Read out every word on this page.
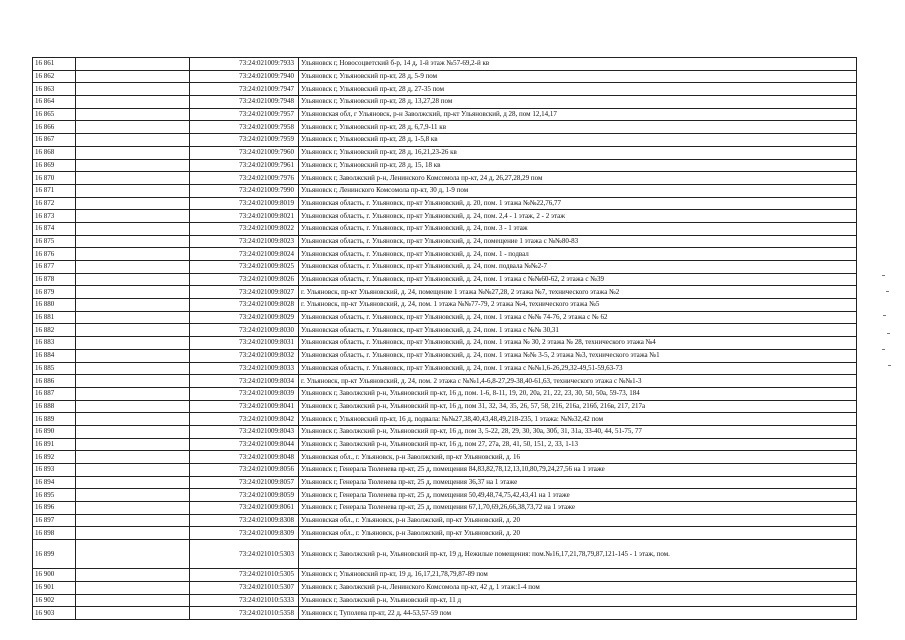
16 861		73:24:021009:7933	Ульяновск г, Новосоцветский б-р, 14 д, 1-й этаж №57-69,2-й кв
16 862		73:24:021009:7940	Ульяновск г, Ульяновский пр-кт, 28 д, 5-9 пом
16 863		73:24:021009:7947	Ульяновск г, Ульяновский пр-кт, 28 д, 27-35 пом
16 864		73:24:021009:7948	Ульяновск г, Ульяновский пр-кт, 28 д, 13,27,28 пом
16 865		73:24:021009:7957	Ульяновская обл, г Ульяновск, р-н Заволжский, пр-кт Ульяновский, д 28, пом 12,14,17
16 866		73:24:021009:7958	Ульяновск г, Ульяновский пр-кт, 28 д, 6,7,9-11 кв
16 867		73:24:021009:7959	Ульяновск г, Ульяновский пр-кт, 28 д, 1-5,8 кв
16 868		73:24:021009:7960	Ульяновск г, Ульяновский пр-кт, 28 д, 16,21,23-26 кв
16 869		73:24:021009:7961	Ульяновск г, Ульяновский пр-кт, 28 д, 15, 18 кв
16 870		73:24:021009:7976	Ульяновск г, Заволжский р-н, Ленинского Комсомола пр-кт, 24 д, 26,27,28,29 пом
16 871		73:24:021009:7990	Ульяновск г, Ленинского Комсомола пр-кт, 30 д, 1-9 пом
16 872		73:24:021009:8019	Ульяновская область, г. Ульяновск, пр-кт Ульяновский, д. 20, пом. 1 этажа №№22,76,77
16 873		73:24:021009:8021	Ульяновская область, г. Ульяновск, пр-кт Ульяновский, д. 24, пом. 2,4 - 1 этаж, 2 - 2 этаж
16 874		73:24:021009:8022	Ульяновская область, г. Ульяновск, пр-кт Ульяновский, д. 24, пом. 3 - 1 этаж
16 875		73:24:021009:8023	Ульяновская область, г. Ульяновск, пр-кт Ульяновский, д. 24, помещение 1 этажа с №№80-83
16 876		73:24:021009:8024	Ульяновская область, г. Ульяновск, пр-кт Ульяновский, д. 24, пом. 1 - подвал
16 877		73:24:021009:8025	Ульяновская область, г. Ульяновск, пр-кт Ульяновский, д. 24, пом. подвала №№2-7
16 878		73:24:021009:8026	Ульяновская область, г. Ульяновск, пр-кт Ульяновский, д. 24, пом. 1 этажа с №№60-62, 2 этажа с №39
16 879		73:24:021009:8027	г. Ульяновск, пр-кт Ульяновский, д. 24, помещение 1 этажа №№27,28, 2 этажа №7, технического этажа №2
16 880		73:24:021009:8028	г. Ульяновск, пр-кт Ульяновский, д. 24, пом. 1 этажа №№77-79, 2 этажа №4, технического этажа №5
16 881		73:24:021009:8029	Ульяновская область, г. Ульяновск, пр-кт Ульяновский, д. 24, пом. 1 этажа с №№ 74-76, 2 этажа с № 62
16 882		73:24:021009:8030	Ульяновская область, г. Ульяновск, пр-кт Ульяновский, д. 24, пом. 1 этажа с №№ 30,31
16 883		73:24:021009:8031	Ульяновская область, г. Ульяновск, пр-кт Ульяновский, д. 24, пом. 1 этажа № 30, 2 этажа № 28, технического этажа №4
16 884		73:24:021009:8032	Ульяновская область, г. Ульяновск, пр-кт Ульяновский, д. 24, пом. 1 этажа №№ 3-5, 2 этажа №3, технического этажа №1
16 885		73:24:021009:8033	Ульяновская область, г. Ульяновск, пр-кт Ульяновский, д. 24, пом. 1 этажа с №№1,6-26,29,32-49,51-59,63-73
16 886		73:24:021009:8034	г. Ульяновск, пр-кт Ульяновский, д. 24, пом. 2 этажа с №№1,4-6,8-27,29-38,40-61,63, технического этажа с №№1-3
16 887		73:24:021009:8039	Ульяновск г, Заволжский р-н, Ульяновский пр-кт, 16 д, пом. 1-6, 8-11, 19, 20, 20а, 21, 22, 23, 30, 50, 50а, 59-73, 184
16 888		73:24:021009:8041	Ульяновск г, Заволжский р-н, Ульяновский пр-кт, 16 д, пом 31, 32, 34, 35, 26, 57, 58, 216, 216а, 216б, 216в, 217, 217а
16 889		73:24:021009:8042	Ульяновск г, Ульяновский пр-кт, 16 д, подвала: №№27,38,40,43,48,49,218-235, 1 этажа: №№32,42 пом
16 890		73:24:021009:8043	Ульяновск г, Заволжский р-н, Ульяновский пр-кт, 16 д, пом 3, 5-22, 28, 29, 30, 30а, 30б, 31, 31а, 33-40, 44, 51-75, 77
16 891		73:24:021009:8044	Ульяновск г, Заволжский р-н, Ульяновский пр-кт, 16 д, пом 27, 27а, 28, 41, 50, 151, 2, 33, 1-13
16 892		73:24:021009:8048	Ульяновская обл., г. Ульяновск, р-н Заволжский, пр-кт Ульяновский, д. 16
16 893		73:24:021009:8056	Ульяновск г, Генерала Тюленева пр-кт, 25 д, помещения 84,83,82,78,12,13,10,80,79,24,27,56 на 1 этаже
16 894		73:24:021009:8057	Ульяновск г, Генерала Тюленева пр-кт, 25 д, помещения 36,37 на 1 этаже
16 895		73:24:021009:8059	Ульяновск г, Генерала Тюленева пр-кт, 25 д, помещения 50,49,48,74,75,42,43,41 на 1 этаже
16 896		73:24:021009:8061	Ульяновск г, Генерала Тюленева пр-кт, 25 д, помещения 67,1,70,69,26,66,38,73,72 на 1 этаже
16 897		73:24:021009:8308	Ульяновская обл., г. Ульяновск, р-н Заволжский, пр-кт Ульяновский, д. 20
16 898		73:24:021009:8309	Ульяновская обл., г. Ульяновск, р-н Заволжский, пр-кт Ульяновский, д. 20
16 899		73:24:021010:5303	Ульяновск г, Заволжский р-н, Ульяновский пр-кт, 19 д, Нежилые помещения: пом.№16,17,21,78,79,87,121-145 - 1 этаж, пом.
16 900		73:24:021010:5305	Ульяновск г, Ульяновский пр-кт, 19 д, 16,17,21,78,79,87-89 пом
16 901		73:24:021010:5307	Ульяновск г, Заволжский р-н, Ленинского Комсомола пр-кт, 42 д, 1 этаж:1-4 пом
16 902		73:24:021010:5333	Ульяновск г, Заволжский р-н, Ульяновский пр-кт, 11 д
16 903		73:24:021010:5358	Ульяновск г, Туполева пр-кт, 22 д, 44-53,57-59 пом
